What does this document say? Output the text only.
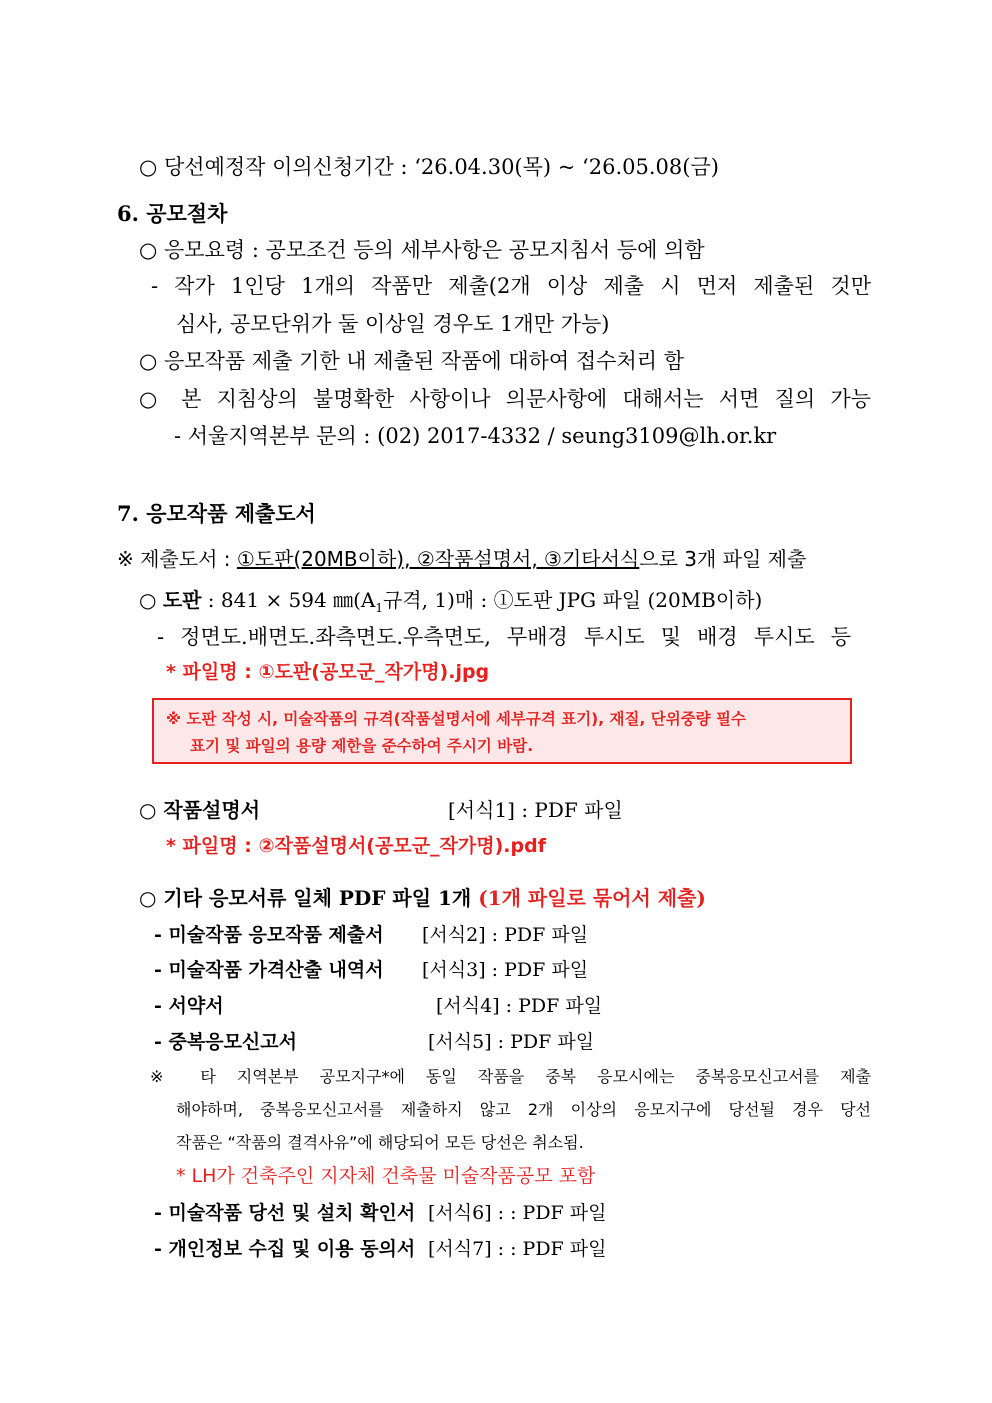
○ 당선예정작 이의신청기간 : ‘26.04.30(목) ~ ‘26.05.08(금)
6. 공모절차
○ 응모요령 : 공모조건 등의 세부사항은 공모지침서 등에 의함
- 작가 1인당 1개의 작품만 제출(2개 이상 제출 시 먼저 제출된 것만
심사, 공모단위가 둘 이상일 경우도 1개만 가능)
○ 응모작품 제출 기한 내 제출된 작품에 대하여 접수처리 함
○ 본 지침상의 불명확한 사항이나 의문사항에 대해서는 서면 질의 가능
- 서울지역본부 문의 : (02) 2017-4332 / seung3109@lh.or.kr
7. 응모작품 제출도서
※ 제출도서 : ①도판(20MB이하), ②작품설명서, ③기타서식으로 3개 파일 제출
○ 도판 : 841 × 594 $㎜(A_1$규격, 1)매 : ①도판 JPG 파일 (20MB이하)
- 정면도.배면도.좌측면도.우측면도, 무배경 투시도 및 배경 투시도 등
* 파일명 : ①도판(공모군_작가명).jpg
※ 도판 작성 시, 미술작품의 규격(작품설명서에 세부규격 표기), 재질, 단위중량 필수
표기 및 파일의 용량 제한을 준수하여 주시기 바람.
○ 작품설명서	[서식1] : PDF 파일
* 파일명 : ②작품설명서(공모군_작가명).pdf
○ 기타 응모서류 일체 PDF 파일 1개 (1개 파일로 묶어서 제출)
- 미술작품 응모작품 제출서 [서식2] : PDF 파일
- 미술작품 가격산출 내역서 [서식3] : PDF 파일
- 서약서	[서식4] : PDF 파일
- 중복응모신고서	[서식5] : PDF 파일
※ 타 지역본부 공모지구*에 동일 작품을 중복 응모시에는 중복응모신고서를 제출
해야하며, 중복응모신고서를 제출하지 않고 2개 이상의 응모지구에 당선될 경우 당선
작품은 “작품의 결격사유”에 해당되어 모든 당선은 취소됨.
* LH가 건축주인 지자체 건축물 미술작품공모 포함
- 미술작품 당선 및 설치 확인서 [서식6] : : PDF 파일
- 개인정보 수집 및 이용 동의서 [서식7] : : PDF 파일
